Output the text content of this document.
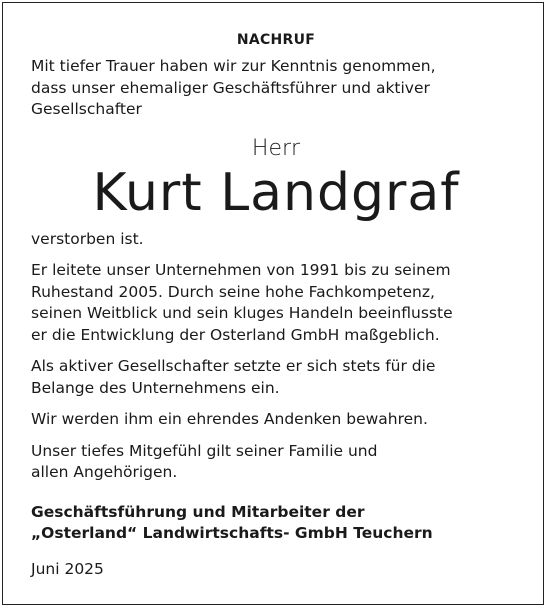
NACHRUF

Mit tiefer Trauer haben wir zur Kenntnis genommen,
dass unser ehemaliger Geschäftsführer und aktiver
Gesellschafter

Herr
Kurt Landgraf

verstorben ist.

Er leitete unser Unternehmen von 1991 bis zu seinem
Ruhestand 2005. Durch seine hohe Fachkompetenz,
seinen Weitblick und sein kluges Handeln beeinflusste
er die Entwicklung der Osterland GmbH maßgeblich.

Als aktiver Gesellschafter setzte er sich stets für die
Belange des Unternehmens ein.

Wir werden ihm ein ehrendes Andenken bewahren.

Unser tiefes Mitgefühl gilt seiner Familie und
allen Angehörigen.

Geschäftsführung und Mitarbeiter der
„Osterland“ Landwirtschafts- GmbH Teuchern

Juni 2025
